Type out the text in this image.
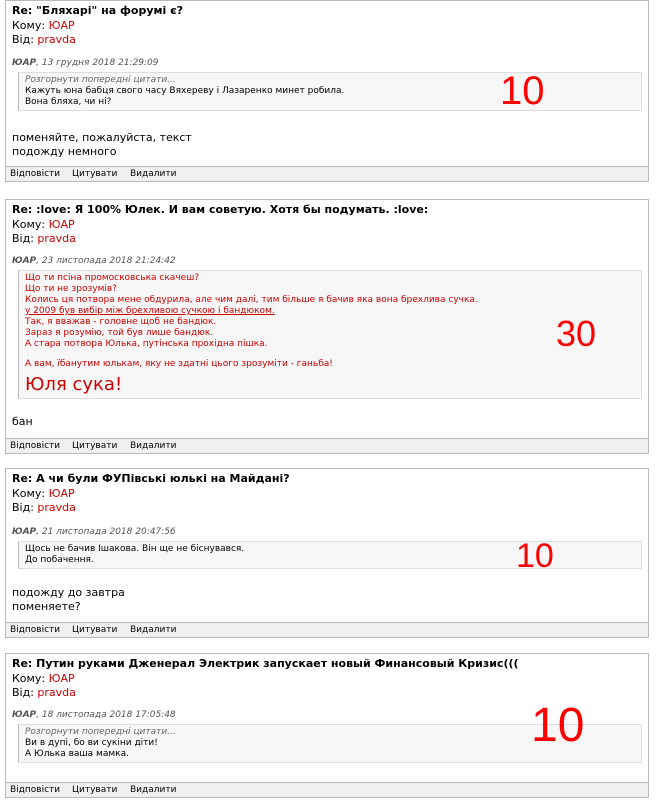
Re: "Бляхарі" на форумі є?
Кому: ЮАР
Від: pravda
ЮАР, 13 грудня 2018 21:29:09
Розгорнути попередні цитати...
Кажуть юна бабця свого часу Вяхереву і Лазаренко минет робила.
Вона бляха, чи ні?
поменяйте, пожалуйста, текст
подожду немного
10
Відповісти Цитувати Видалити
Re: :love: Я 100% Юлек. И вам советую. Хотя бы подумать. :love:
Кому: ЮАР
Від: pravda
ЮАР, 23 листопада 2018 21:24:42
Що ти псіна промосковська скачеш?
Що ти не зрозумів?
Колись ця потвора мене обдурила, але чим далі, тим більше я бачив яка вона брехлива сучка.
у 2009 був вибір між брехливою сучкою і бандюком.
Так, я вважав - головне щоб не бандюк.
Зараз я розумію, той був лише бандюк.
А стара потвора Юлька, путінська прохідна пішка.
А вам, їбанутим юлькам, яку не здатні цього зрозуміти - ганьба!
Юля сука!
бан
30
Відповісти Цитувати Видалити
Re: А чи були ФУПівські юлькі на Майдані?
Кому: ЮАР
Від: pravda
ЮАР, 21 листопада 2018 20:47:56
Щось не бачив Ішакова. Він ще не біснувався.
До побачення.
подожду до завтра
поменяете?
10
Відповісти Цитувати Видалити
Re: Путин руками Дженерал Электрик запускает новый Финансовый Кризис(((
Кому: ЮАР
Від: pravda
ЮАР, 18 листопада 2018 17:05:48
Розгорнути попередні цитати...
Ви в дупі, бо ви сукіни діти!
А Юлька ваша мамка.
10
Відповісти Цитувати Видалити
